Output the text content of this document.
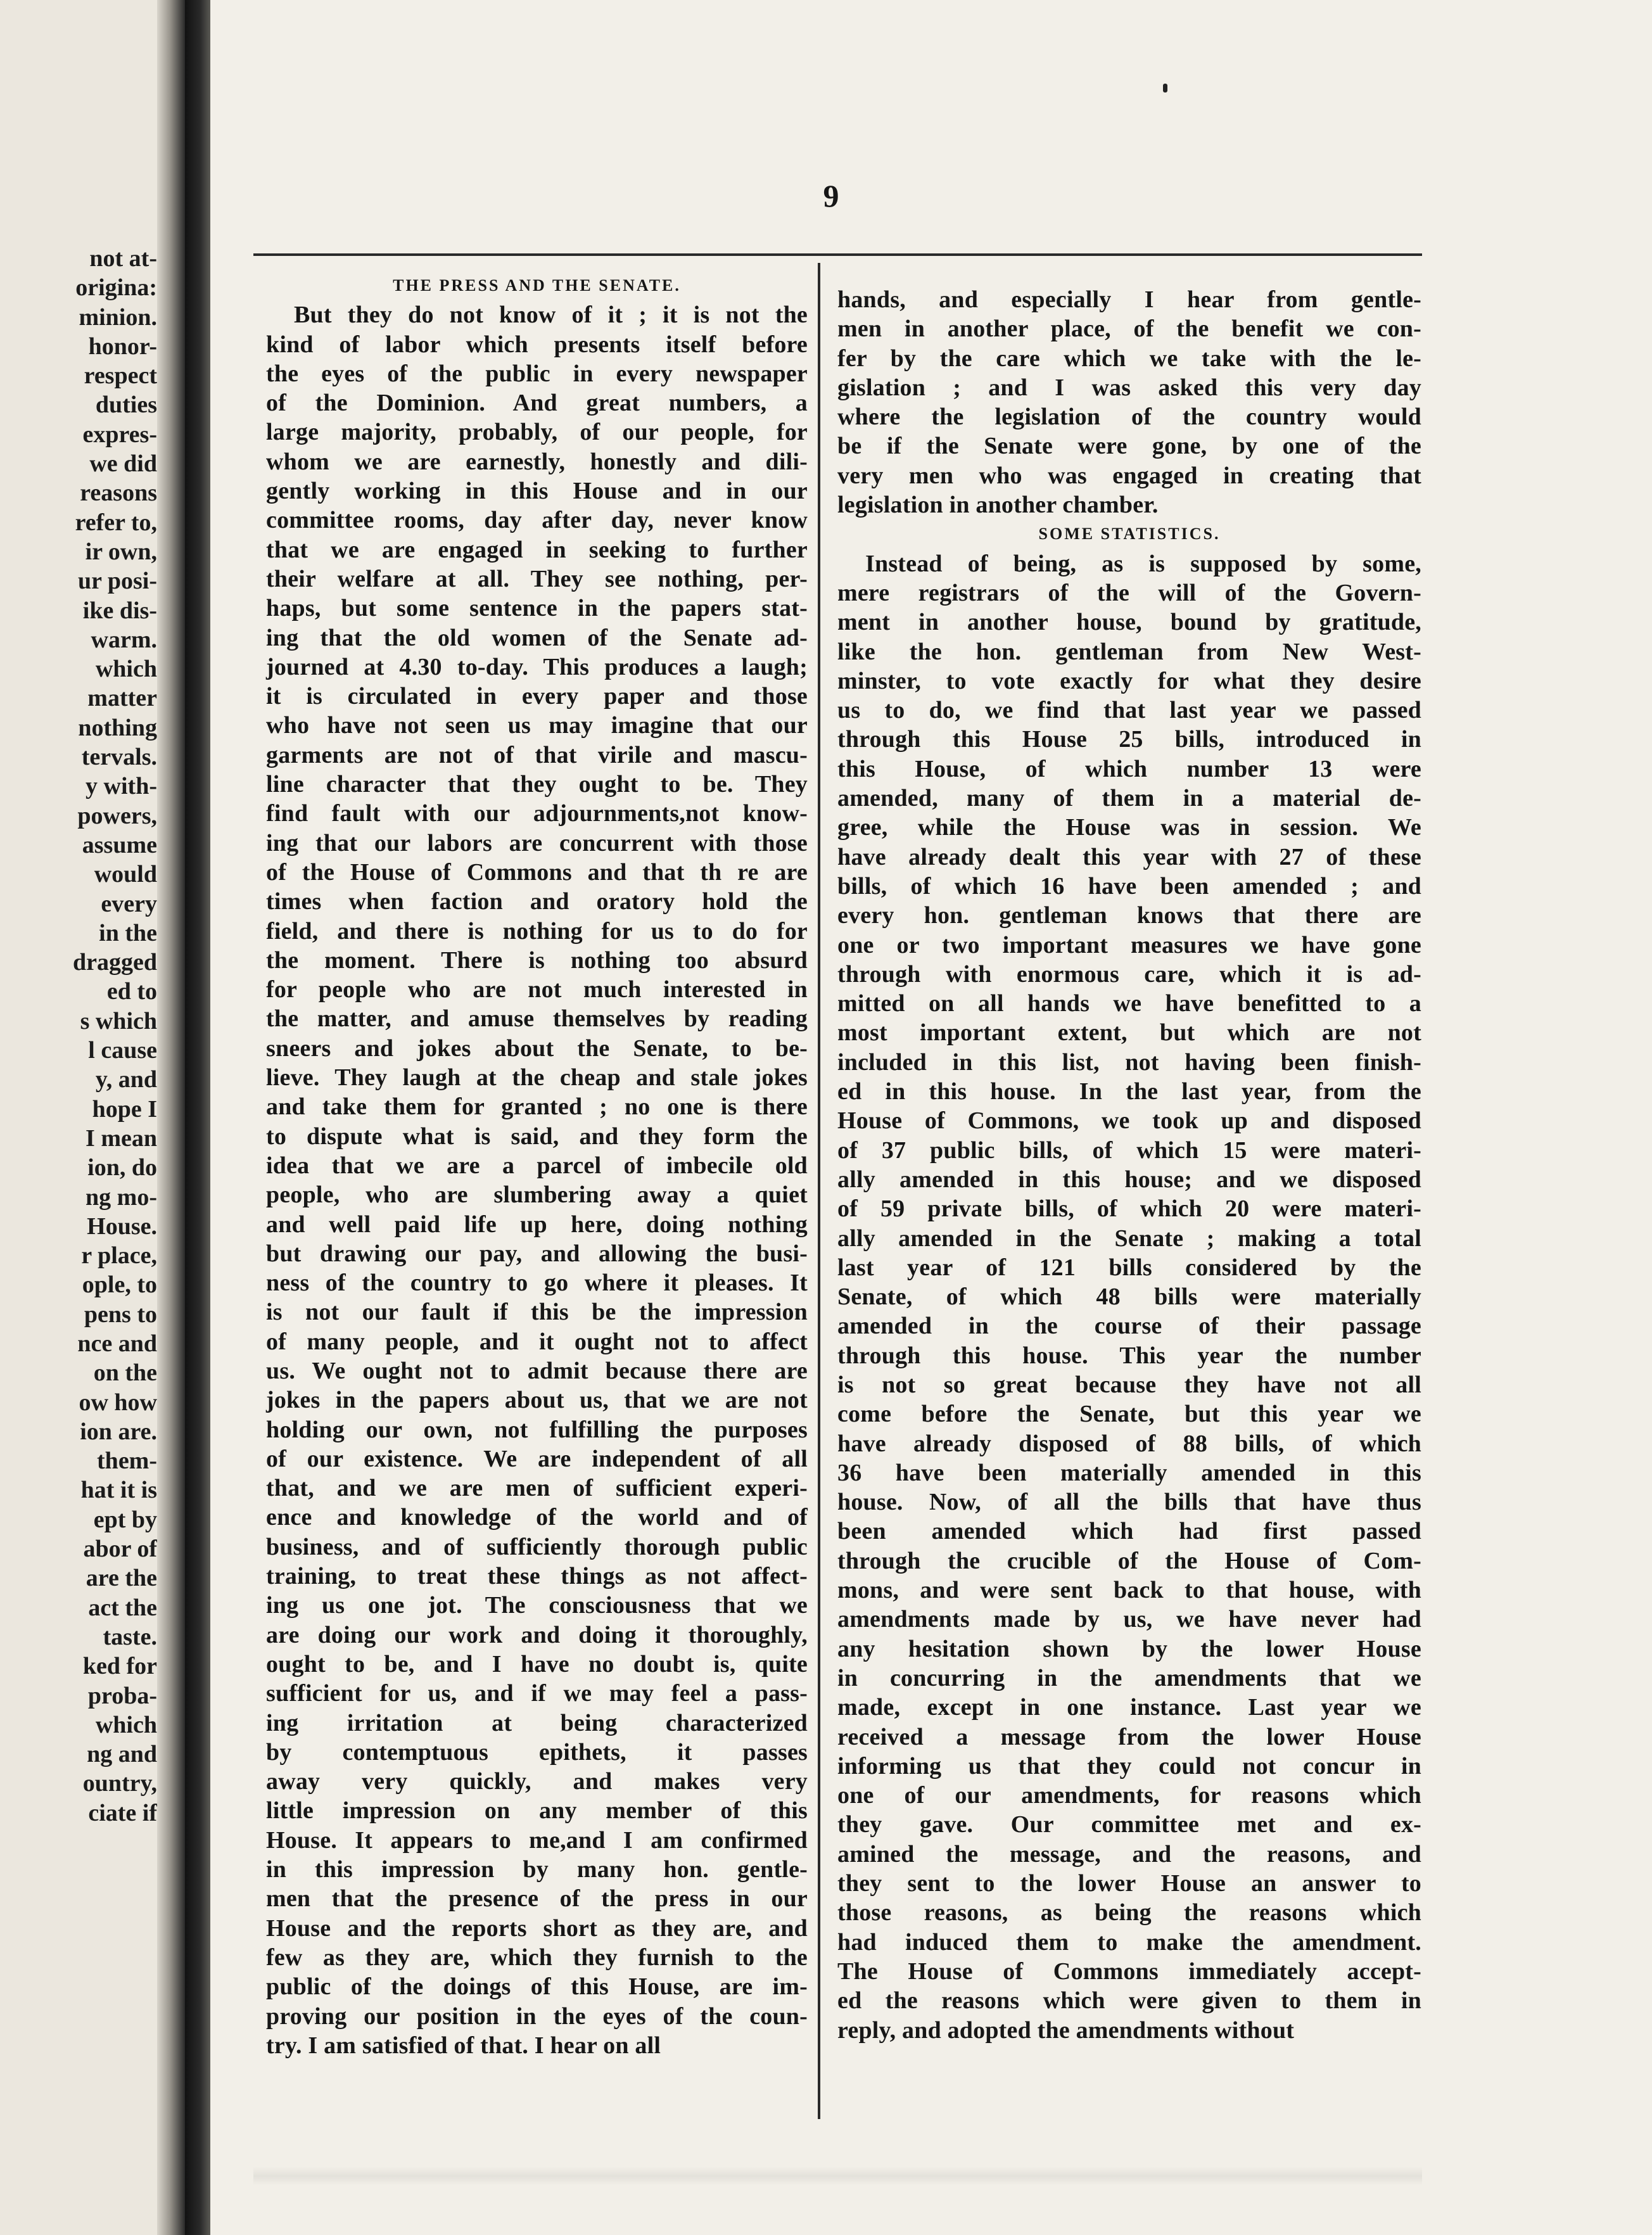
not at-
origina:
minion.
honor-
respect
duties
expres-
we did
reasons
refer to,
ir own,
ur posi-
ike dis-
warm.
which
matter
nothing
tervals.
y with-
powers,
assume
would
every
in the
dragged
ed to
s which
l cause
y, and
hope I
I mean
ion, do
ng mo-
House.
r place,
ople, to
pens to
nce and
on the
ow how
ion are.
them-
hat it is
ept by
abor of
are the
act the
taste.
ked for
proba-
which
ng and
ountry,
ciate if
9
THE PRESS AND THE SENATE.
But they do not know of it ; it is not the
kind of labor which presents itself before
the eyes of the public in every newspaper
of the Dominion. And great numbers, a
large majority, probably, of our people, for
whom we are earnestly, honestly and dili-
gently working in this House and in our
committee rooms, day after day, never know
that we are engaged in seeking to further
their welfare at all. They see nothing, per-
haps, but some sentence in the papers stat-
ing that the old women of the Senate ad-
journed at 4.30 to-day. This produces a laugh;
it is circulated in every paper and those
who have not seen us may imagine that our
garments are not of that virile and mascu-
line character that they ought to be. They
find fault with our adjournments,not know-
ing that our labors are concurrent with those
of the House of Commons and that th re are
times when faction and oratory hold the
field, and there is nothing for us to do for
the moment. There is nothing too absurd
for people who are not much interested in
the matter, and amuse themselves by reading
sneers and jokes about the Senate, to be-
lieve. They laugh at the cheap and stale jokes
and take them for granted ; no one is there
to dispute what is said, and they form the
idea that we are a parcel of imbecile old
people, who are slumbering away a quiet
and well paid life up here, doing nothing
but drawing our pay, and allowing the busi-
ness of the country to go where it pleases. It
is not our fault if this be the impression
of many people, and it ought not to affect
us. We ought not to admit because there are
jokes in the papers about us, that we are not
holding our own, not fulfilling the purposes
of our existence. We are independent of all
that, and we are men of sufficient experi-
ence and knowledge of the world and of
business, and of sufficiently thorough public
training, to treat these things as not affect-
ing us one jot. The consciousness that we
are doing our work and doing it thoroughly,
ought to be, and I have no doubt is, quite
sufficient for us, and if we may feel a pass-
ing irritation at being characterized
by contemptuous epithets, it passes
away very quickly, and makes very
little impression on any member of this
House. It appears to me,and I am confirmed
in this impression by many hon. gentle-
men that the presence of the press in our
House and the reports short as they are, and
few as they are, which they furnish to the
public of the doings of this House, are im-
proving our position in the eyes of the coun-
try. I am satisfied of that. I hear on all
hands, and especially I hear from gentle-
men in another place, of the benefit we con-
fer by the care which we take with the le-
gislation ; and I was asked this very day
where the legislation of the country would
be if the Senate were gone, by one of the
very men who was engaged in creating that
legislation in another chamber.
SOME STATISTICS.
Instead of being, as is supposed by some,
mere registrars of the will of the Govern-
ment in another house, bound by gratitude,
like the hon. gentleman from New West-
minster, to vote exactly for what they desire
us to do, we find that last year we passed
through this House 25 bills, introduced in
this House, of which number 13 were
amended, many of them in a material de-
gree, while the House was in session. We
have already dealt this year with 27 of these
bills, of which 16 have been amended ; and
every hon. gentleman knows that there are
one or two important measures we have gone
through with enormous care, which it is ad-
mitted on all hands we have benefitted to a
most important extent, but which are not
included in this list, not having been finish-
ed in this house. In the last year, from the
House of Commons, we took up and disposed
of 37 public bills, of which 15 were materi-
ally amended in this house; and we disposed
of 59 private bills, of which 20 were materi-
ally amended in the Senate ; making a total
last year of 121 bills considered by the
Senate, of which 48 bills were materially
amended in the course of their passage
through this house. This year the number
is not so great because they have not all
come before the Senate, but this year we
have already disposed of 88 bills, of which
36 have been materially amended in this
house. Now, of all the bills that have thus
been amended which had first passed
through the crucible of the House of Com-
mons, and were sent back to that house, with
amendments made by us, we have never had
any hesitation shown by the lower House
in concurring in the amendments that we
made, except in one instance. Last year we
received a message from the lower House
informing us that they could not concur in
one of our amendments, for reasons which
they gave. Our committee met and ex-
amined the message, and the reasons, and
they sent to the lower House an answer to
those reasons, as being the reasons which
had induced them to make the amendment.
The House of Commons immediately accept-
ed the reasons which were given to them in
reply, and adopted the amendments without
